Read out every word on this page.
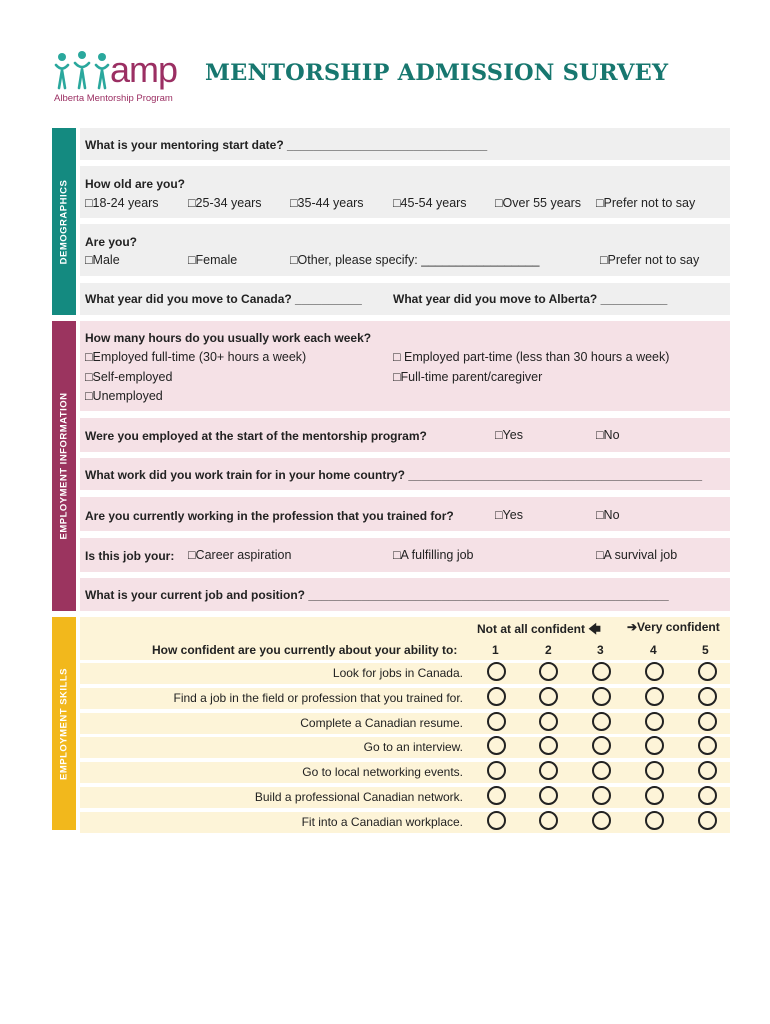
amp
Alberta Mentorship Program
MENTORSHIP ADMISSION SURVEY
DEMOGRAPHICS
EMPLOYMENT INFORMATION
EMPLOYMENT SKILLS
What is your mentoring start date? ______________________________
How old are you?
□18-24 years □25-34 years □35-44 years □45-54 years □Over 55 years □Prefer not to say
Are you?
□Male	□Female	□Other, please specify: _________________	□Prefer not to say
What year did you move to Canada? __________	What year did you move to Alberta? __________
How many hours do you usually work each week?
□Employed full-time (30+ hours a week)	□ Employed part-time (less than 30 hours a week)
□Self-employed	□Full-time parent/caregiver
□Unemployed
Were you employed at the start of the mentorship program?	□Yes	□No
What work did you work train for in your home country? ____________________________________________
Are you currently working in the profession that you trained for?	□Yes	□No
Is this job your: □Career aspiration	□A fulfilling job	□A survival job
What is your current job and position? ______________________________________________________
Not at all confident 🡄 ➔Very confident
How confident are you currently about your ability to:	1	2	3	4	5
Look for jobs in Canada.
Find a job in the field or profession that you trained for.
Complete a Canadian resume.
Go to an interview.
Go to local networking events.
Build a professional Canadian network.
Fit into a Canadian workplace.
